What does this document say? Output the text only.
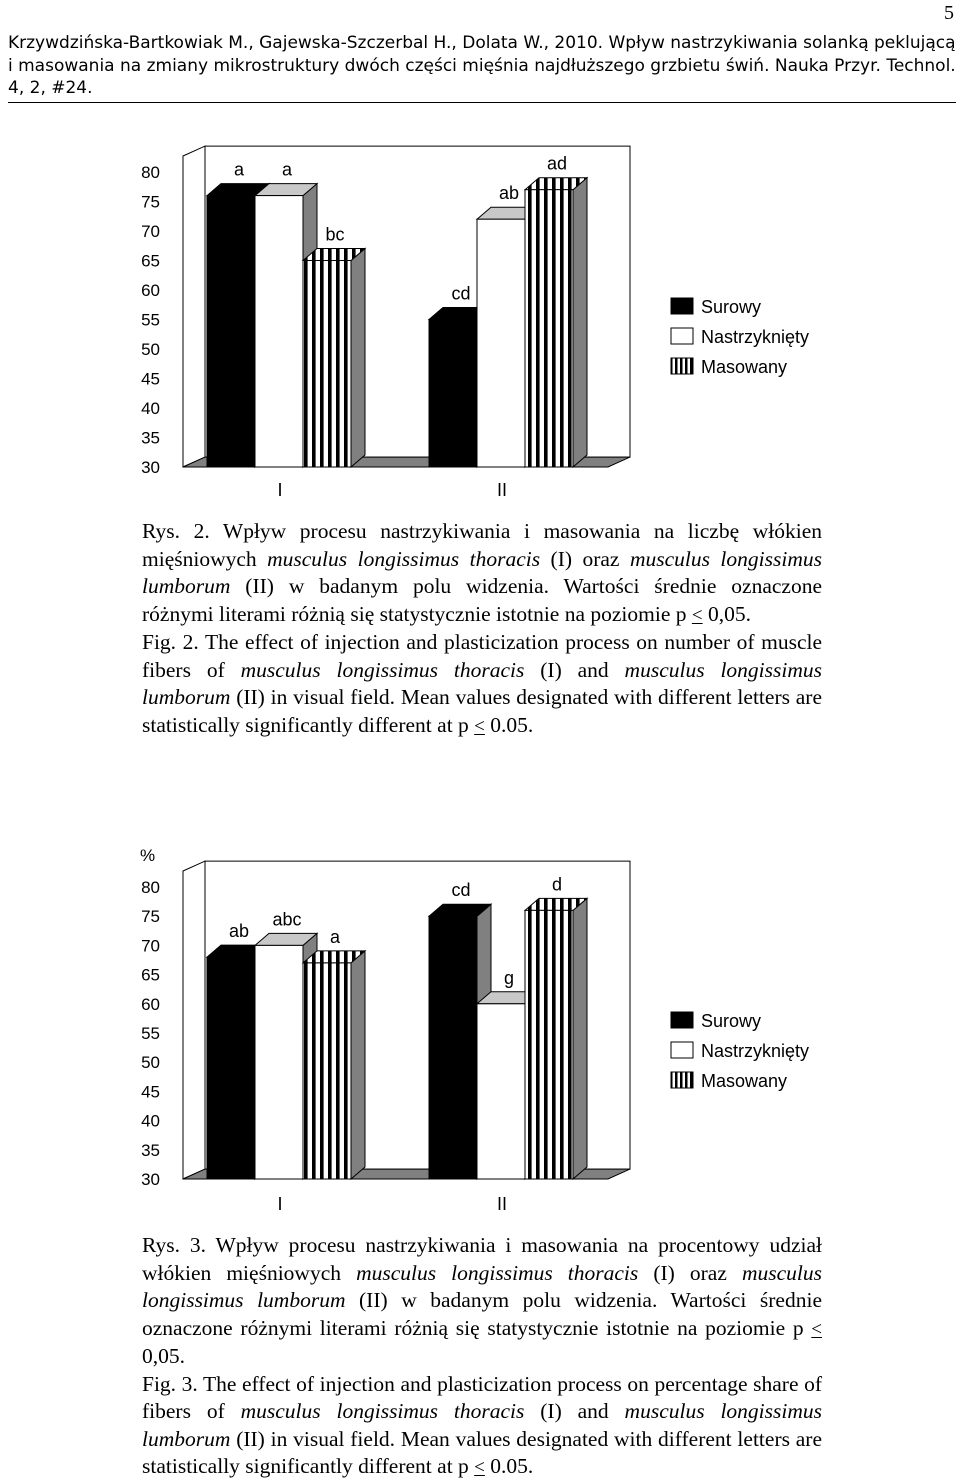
5
Krzywdzińska-Bartkowiak M., Gajewska-Szczerbal H., Dolata W., 2010. Wpływ nastrzykiwania solanką peklującą i masowania na zmiany mikrostruktury dwóch części mięśnia najdłuższego grzbietu świń. Nauka Przyr. Technol. 4, 2, #24.
80
75
70
65
60
55
50
45
40
35
30
a a
bc
I
cd
ab
ad
II
Surowy
Nastrzyknięty
Masowany

Rys. 2. Wpływ procesu nastrzykiwania i masowania na liczbę włókien mięśniowych musculus longissimus thoracis (I) oraz musculus longissimus lumborum (II) w badanym polu widzenia. Wartości średnie oznaczone różnymi literami różnią się statystycznie istotnie na poziomie p ≤ 0,05.

Fig. 2. The effect of injection and plasticization process on number of muscle fibers of musculus longissimus thoracis (I) and musculus longissimus lumborum (II) in visual field. Mean values designated with different letters are statistically significantly different at p ≤ 0.05.

80
75
70
65
60
55
50
45
40
35
30
%
ab
abc
a
I
cd
g
d
II
Surowy
Nastrzyknięty
Masowany

Rys. 3. Wpływ procesu nastrzykiwania i masowania na procentowy udział włókien mięśniowych musculus longissimus thoracis (I) oraz musculus longissimus lumborum (II) w badanym polu widzenia. Wartości średnie oznaczone różnymi literami różnią się statystycznie istotnie na poziomie p < 0,05.

Fig. 3. The effect of injection and plasticization process on percentage share of fibers of musculus longissimus thoracis (I) and musculus longissimus lumborum (II) in visual field. Mean values designated with different letters are statistically significantly different at p ≤ 0.05.
